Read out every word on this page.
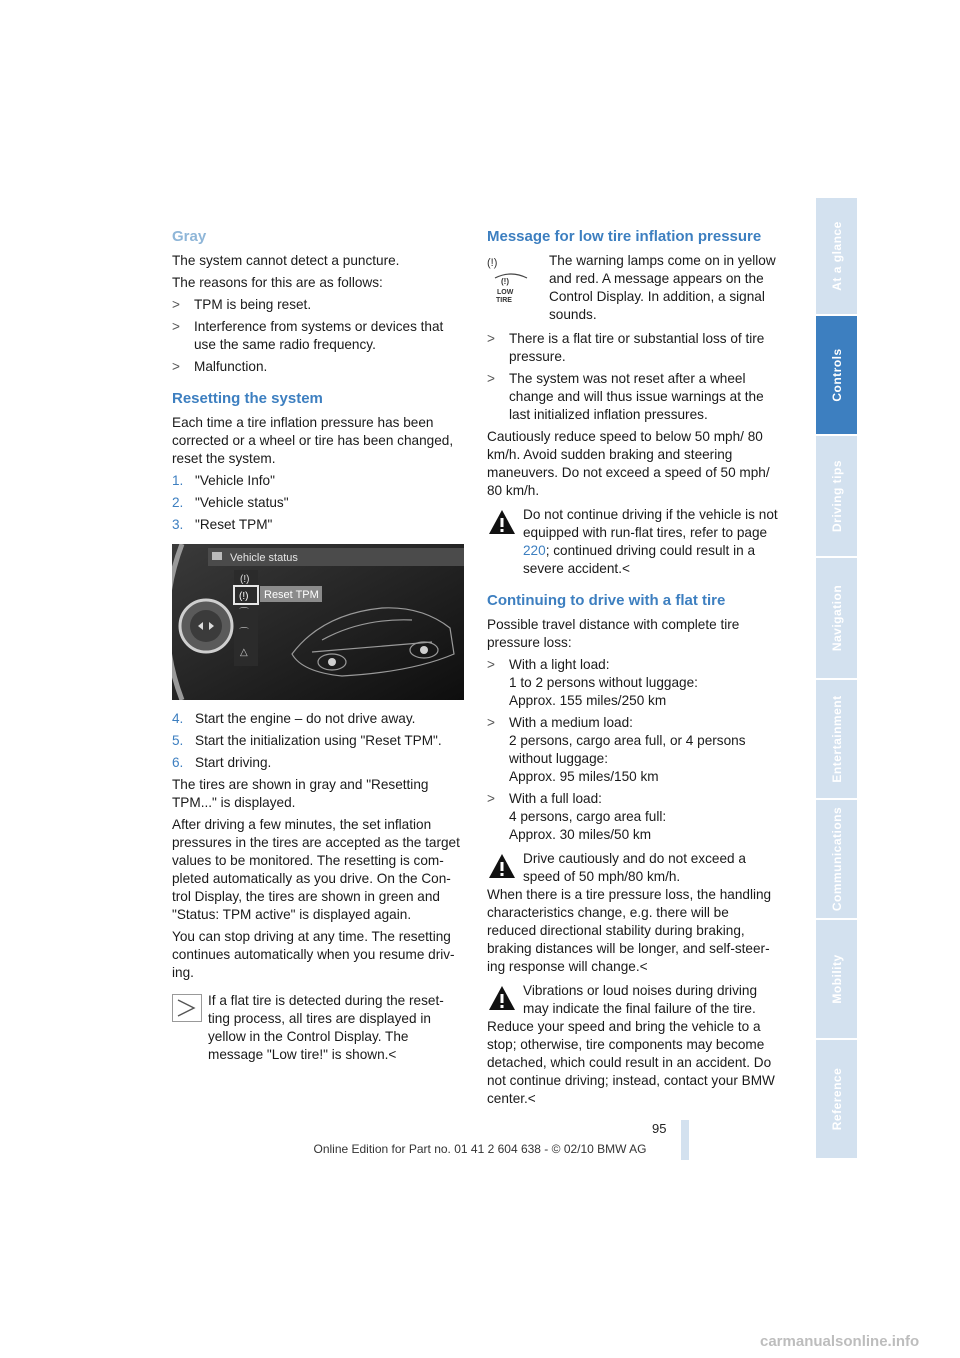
Gray

The system cannot detect a puncture.

The reasons for this are as follows:

>	TPM is being reset.
>	Interference from systems or devices that use the same radio frequency.
>	Malfunction.
Resetting the system

Each time a tire inflation pressure has been corrected or a wheel or tire has been changed, reset the system.

1. "Vehicle Info"
2. "Vehicle status"
3. "Reset TPM"
Vehicle status
(!)
(!)
⌒
⌒
△
Reset TPM
4. Start the engine – do not drive away.
5. Start the initialization using "Reset TPM".
6. Start driving.

The tires are shown in gray and "Resetting TPM..." is displayed.

After driving a few minutes, the set inflation pressures in the tires are accepted as the target values to be monitored. The resetting is com-pleted automatically as you drive. On the Con-trol Display, the tires are shown in green and "Status: TPM active" is displayed again.

You can stop driving at any time. The resetting continues automatically when you resume driv-ing.

If a flat tire is detected during the reset-ting process, all tires are displayed in yellow in the Control Display. The message "Low tire!" is shown.<
Message for low tire inflation pressure
(!)
(!)
LOW
TIRE
The warning lamps come on in yellow and red. A message appears on the Control Display. In addition, a signal sounds.
>	There is a flat tire or substantial loss of tire pressure.
>	The system was not reset after a wheel change and will thus issue warnings at the last initialized inflation pressures.

Cautiously reduce speed to below 50 mph/ 80 km/h. Avoid sudden braking and steering maneuvers. Do not exceed a speed of 50 mph/ 80 km/h.

Do not continue driving if the vehicle is not equipped with run-flat tires, refer to page 220; continued driving could result in a severe accident.<
Continuing to drive with a flat tire

Possible travel distance with complete tire pressure loss:

>	With a light load:
1 to 2 persons without luggage:
Approx. 155 miles/250 km
>	With a medium load:
2 persons, cargo area full, or 4 persons without luggage:
Approx. 95 miles/150 km
>	With a full load:
4 persons, cargo area full:
Approx. 30 miles/50 km
Drive cautiously and do not exceed a speed of 50 mph/80 km/h.

When there is a tire pressure loss, the handling characteristics change, e.g. there will be reduced directional stability during braking, braking distances will be longer, and self-steer-ing response will change.<
Vibrations or loud noises during driving may indicate the final failure of the tire.

Reduce your speed and bring the vehicle to a stop; otherwise, tire components may become detached, which could result in an accident. Do not continue driving; instead, contact your BMW center.<
At a glance
Controls
Driving tips
Navigation
Entertainment
Communications
Mobility
Reference
95
Online Edition for Part no. 01 41 2 604 638 - © 02/10 BMW AG
carmanualsonline.info
